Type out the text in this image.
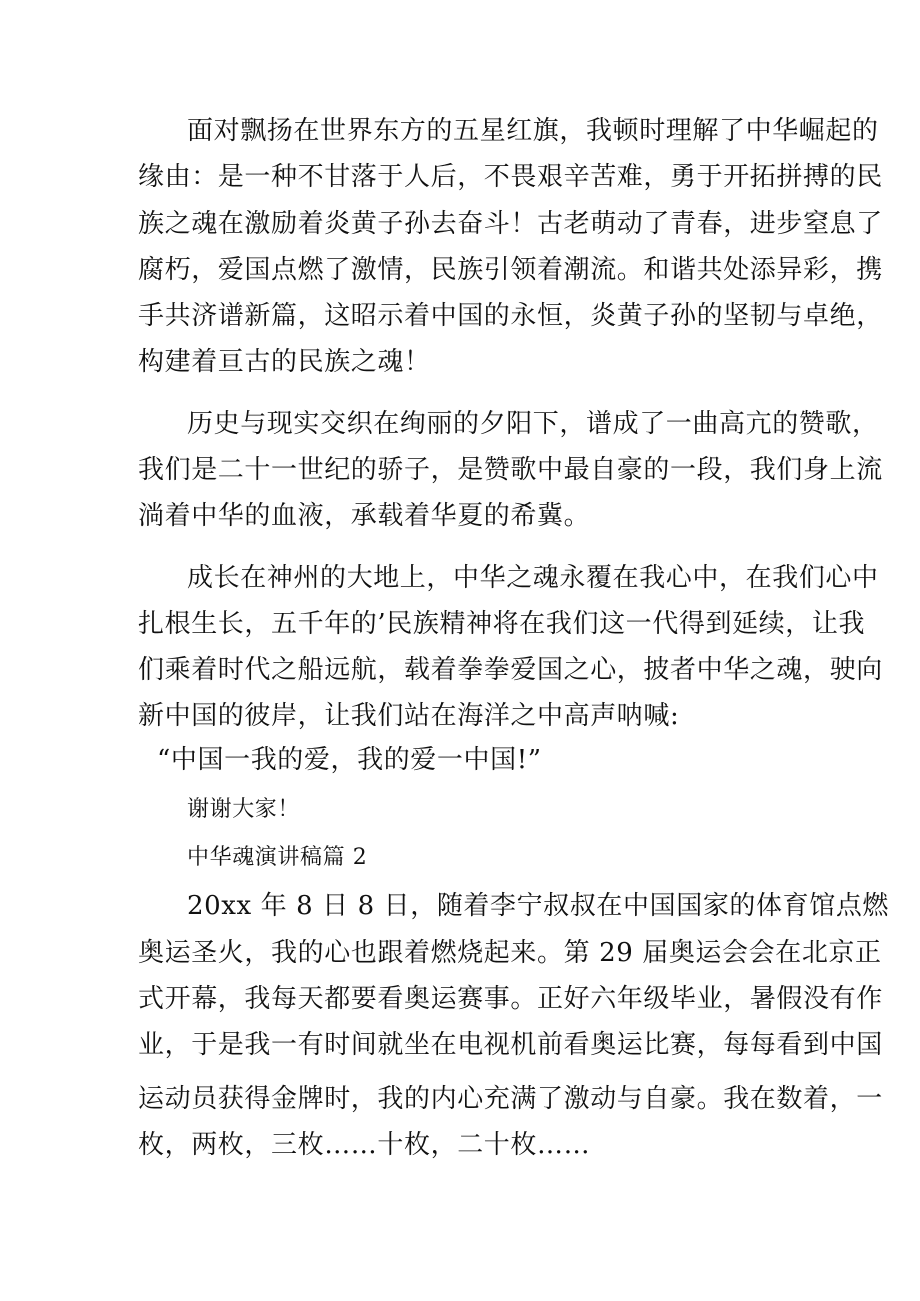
面对飘扬在世界东方的五星红旗，我顿时理解了中华崛起的
缘由：是一种不甘落于人后，不畏艰辛苦难，勇于开拓拼搏的民
族之魂在激励着炎黄子孙去奋斗！古老萌动了青春，进步窒息了
腐朽，爱国点燃了激情，民族引领着潮流。和谐共处添异彩，携
手共济谱新篇，这昭示着中国的永恒，炎黄子孙的坚韧与卓绝，
构建着亘古的民族之魂！
历史与现实交织在绚丽的夕阳下，谱成了一曲高亢的赞歌，
我们是二十一世纪的骄子，是赞歌中最自豪的一段，我们身上流
淌着中华的血液，承载着华夏的希冀。
成长在神州的大地上，中华之魂永覆在我心中，在我们心中
扎根生长，五千年的’民族精神将在我们这一代得到延续，让我
们乘着时代之船远航，载着拳拳爱国之心，披者中华之魂，驶向
新中国的彼岸，让我们站在海洋之中高声呐喊:
“中国一我的爱，我的爱一中国!”
谢谢大家！
中华魂演讲稿篇 2
20xx 年 8 日 8 日，随着李宁叔叔在中国国家的体育馆点燃
奥运圣火，我的心也跟着燃烧起来。第 29 届奥运会会在北京正
式开幕，我每天都要看奥运赛事。正好六年级毕业，暑假没有作
业，于是我一有时间就坐在电视机前看奥运比赛，每每看到中国
运动员获得金牌时，我的内心充满了激动与自豪。我在数着，一
枚，两枚，三枚……十枚，二十枚……
